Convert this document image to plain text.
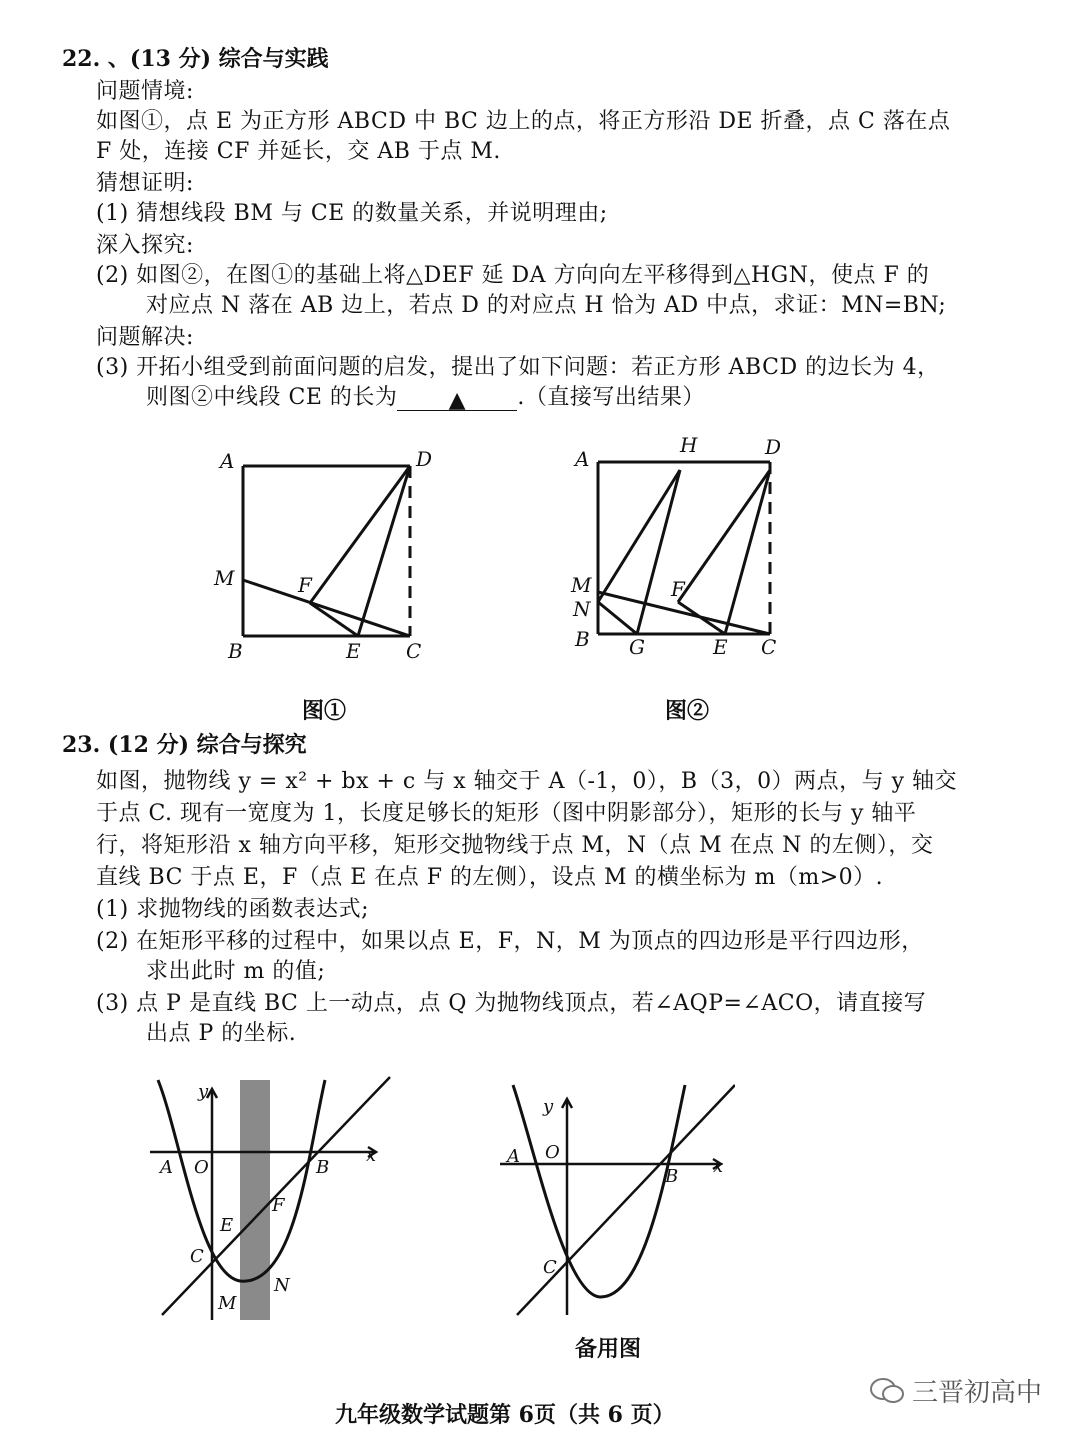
22. 、(13 分) 综合与实践
问题情境:
如图①，点 E 为正方形 ABCD 中 BC 边上的点，将正方形沿 DE 折叠，点 C 落在点
F 处，连接 CF 并延长，交 AB 于点 M.
猜想证明:
(1) 猜想线段 BM 与 CE 的数量关系，并说明理由;
深入探究:
(2) 如图②，在图①的基础上将△DEF 延 DA 方向向左平移得到△HGN，使点 F 的
对应点 N 落在 AB 边上，若点 D 的对应点 H 恰为 AD 中点，求证：MN=BN;
问题解决:
(3) 开拓小组受到前面问题的启发，提出了如下问题：若正方形 ABCD 的边长为 4，
则图②中线段 CE 的长为 ▲ .（直接写出结果）
A	D
M	F
B	E C
图①
A
H	D
M
N
F
B G	E C
图②
23. (12 分) 综合与探究
如图，抛物线 y = x² + bx + c 与 x 轴交于 A（-1，0），B（3，0）两点，与 y 轴交
于点 C. 现有一宽度为 1，长度足够长的矩形（图中阴影部分），矩形的长与 y 轴平
行，将矩形沿 x 轴方向平移，矩形交抛物线于点 M，N（点 M 在点 N 的左侧），交
直线 BC 于点 E，F（点 E 在点 F 的左侧），设点 M 的横坐标为 m（m>0）.
(1) 求抛物线的函数表达式;
(2) 在矩形平移的过程中，如果以点 E，F，N，M 为顶点的四边形是平行四边形，
求出此时 m 的值;
(3) 点 P 是直线 BC 上一动点，点 Q 为抛物线顶点，若∠AQP=∠ACO，请直接写
出点 P 的坐标.
y
x
A O	B
C
E
F
M
N
y
x
A O
B
C
备用图
九年级数学试题第 6页（共 6 页）
三晋初高中
